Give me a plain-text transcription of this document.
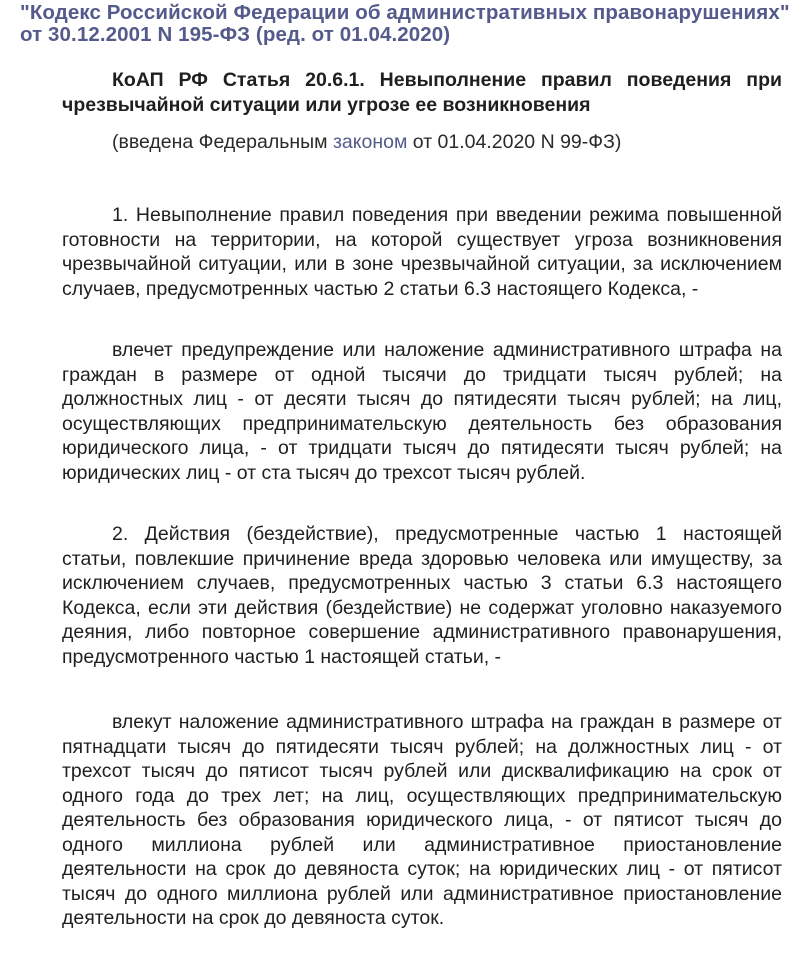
"Кодекс Российской Федерации об административных правонарушениях"
от 30.12.2001 N 195-ФЗ (ред. от 01.04.2020)
КоАП РФ Статья 20.6.1. Невыполнение правил поведения при чрезвычайной ситуации или угрозе ее возникновения
(введена Федеральным законом от 01.04.2020 N 99-ФЗ)

1. Невыполнение правил поведения при введении режима повышенной готовности на территории, на которой существует угроза возникновения чрезвычайной ситуации, или в зоне чрезвычайной ситуации, за исключением случаев, предусмотренных частью 2 статьи 6.3 настоящего Кодекса, -

влечет предупреждение или наложение административного штрафа на граждан в размере от одной тысячи до тридцати тысяч рублей; на должностных лиц - от десяти тысяч до пятидесяти тысяч рублей; на лиц, осуществляющих предпринимательскую деятельность без образования юридического лица, - от тридцати тысяч до пятидесяти тысяч рублей; на юридических лиц - от ста тысяч до трехсот тысяч рублей.

2. Действия (бездействие), предусмотренные частью 1 настоящей статьи, повлекшие причинение вреда здоровью человека или имуществу, за исключением случаев, предусмотренных частью 3 статьи 6.3 настоящего Кодекса, если эти действия (бездействие) не содержат уголовно наказуемого деяния, либо повторное совершение административного правонарушения, предусмотренного частью 1 настоящей статьи, -

влекут наложение административного штрафа на граждан в размере от пятнадцати тысяч до пятидесяти тысяч рублей; на должностных лиц - от трехсот тысяч до пятисот тысяч рублей или дисквалификацию на срок от одного года до трех лет; на лиц, осуществляющих предпринимательскую деятельность без образования юридического лица, - от пятисот тысяч до одного миллиона рублей или административное приостановление деятельности на срок до девяноста суток; на юридических лиц - от пятисот тысяч до одного миллиона рублей или административное приостановление деятельности на срок до девяноста суток.
